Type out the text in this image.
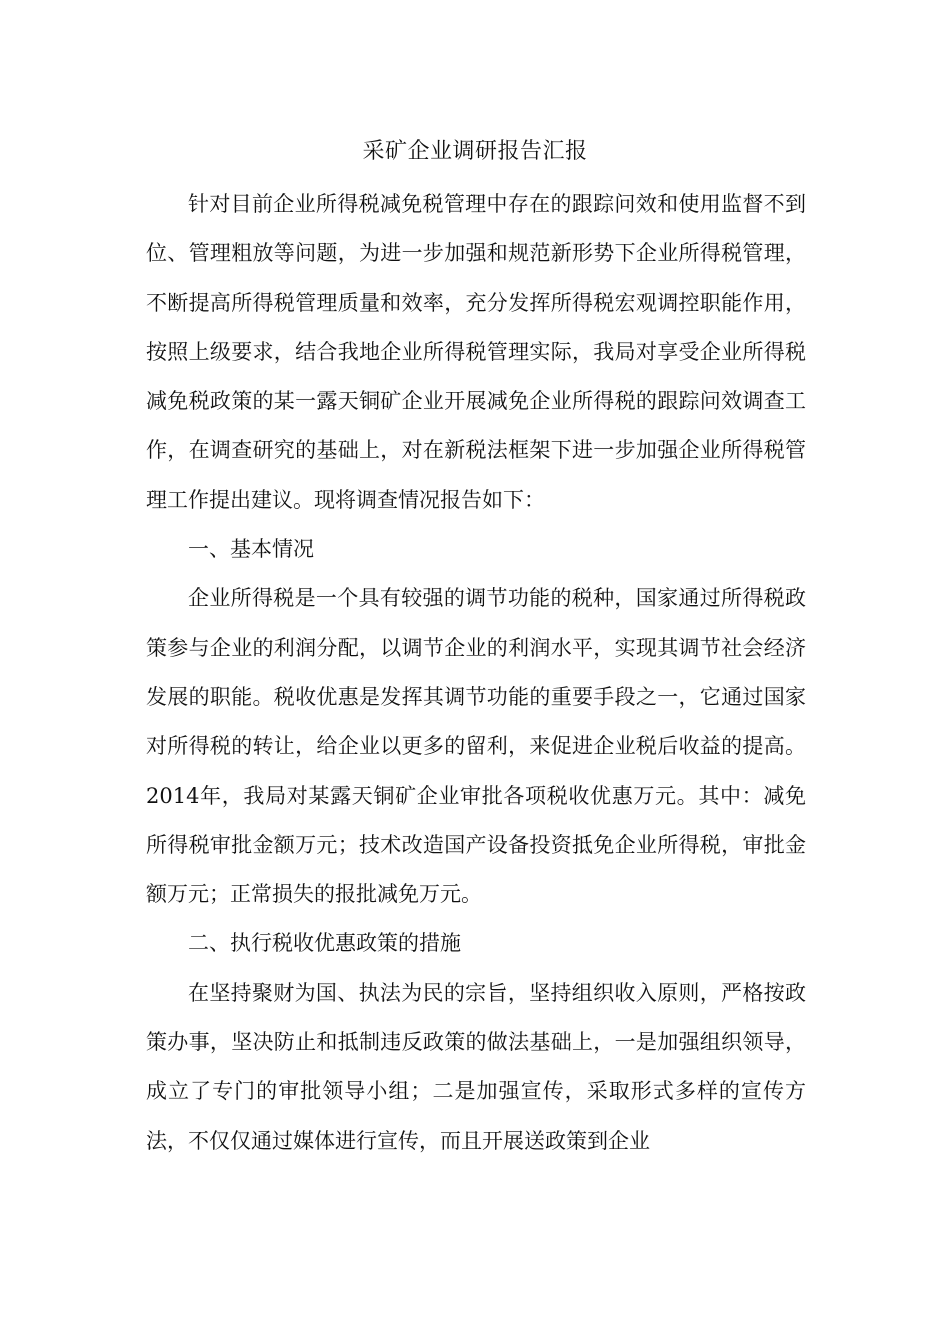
采矿企业调研报告汇报

针对目前企业所得税减免税管理中存在的跟踪问效和使用监督不到位、管理粗放等问题，为进一步加强和规范新形势下企业所得税管理，不断提高所得税管理质量和效率，充分发挥所得税宏观调控职能作用，按照上级要求，结合我地企业所得税管理实际，我局对享受企业所得税减免税政策的某一露天铜矿企业开展减免企业所得税的跟踪问效调查工作，在调查研究的基础上，对在新税法框架下进一步加强企业所得税管理工作提出建议。现将调查情况报告如下：

一、基本情况

企业所得税是一个具有较强的调节功能的税种，国家通过所得税政策参与企业的利润分配，以调节企业的利润水平，实现其调节社会经济发展的职能。税收优惠是发挥其调节功能的重要手段之一，它通过国家对所得税的转让，给企业以更多的留利，来促进企业税后收益的提高。2014年，我局对某露天铜矿企业审批各项税收优惠万元。其中：减免所得税审批金额万元；技术改造国产设备投资抵免企业所得税，审批金额万元；正常损失的报批减免万元。

二、执行税收优惠政策的措施

在坚持聚财为国、执法为民的宗旨，坚持组织收入原则，严格按政策办事，坚决防止和抵制违反政策的做法基础上，一是加强组织领导，成立了专门的审批领导小组；二是加强宣传，采取形式多样的宣传方法，不仅仅通过媒体进行宣传，而且开展送政策到企业
